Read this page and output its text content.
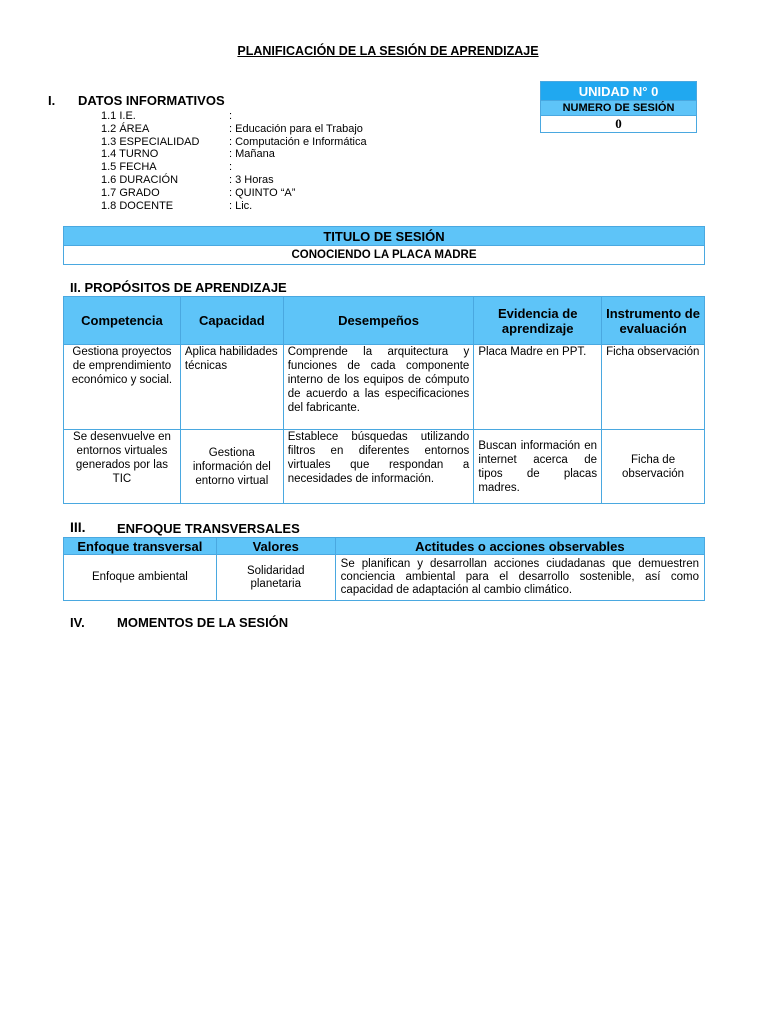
PLANIFICACIÓN DE LA SESIÓN DE APRENDIZAJE
UNIDAD N° 0
NUMERO DE SESIÓN
0
I. DATOS INFORMATIVOS
1.1 I.E.	:
1.2 ÁREA	: Educación para el Trabajo
1.3 ESPECIALIDAD	: Computación e Informática
1.4 TURNO	: Mañana
1.5 FECHA	:
1.6 DURACIÓN	: 3 Horas
1.7 GRADO	: QUINTO “A”
1.8 DOCENTE	: Lic.
TITULO DE SESIÓN
CONOCIENDO LA PLACA MADRE
II. PROPÓSITOS DE APRENDIZAJE
Competencia	Capacidad	Desempeños	Evidencia de aprendizaje	Instrumento de evaluación
Gestiona proyectos de emprendimiento económico y social.	Aplica habilidades técnicas	Comprende la arquitectura y funciones de cada componente interno de los equipos de cómputo de acuerdo a las especificaciones del fabricante.	Placa Madre en PPT.	Ficha observación
Se desenvuelve en entornos virtuales generados por las TIC	Gestiona información del entorno virtual	Establece búsquedas utilizando filtros en diferentes entornos virtuales que respondan a necesidades de información.	Buscan información en internet acerca de tipos de placas madres.	Ficha de observación
III. ENFOQUE TRANSVERSALES
Enfoque transversal	Valores	Actitudes o acciones observables
Enfoque ambiental	Solidaridad planetaria	Se planifican y desarrollan acciones ciudadanas que demuestren conciencia ambiental para el desarrollo sostenible, así como capacidad de adaptación al cambio climático.
IV. MOMENTOS DE LA SESIÓN
